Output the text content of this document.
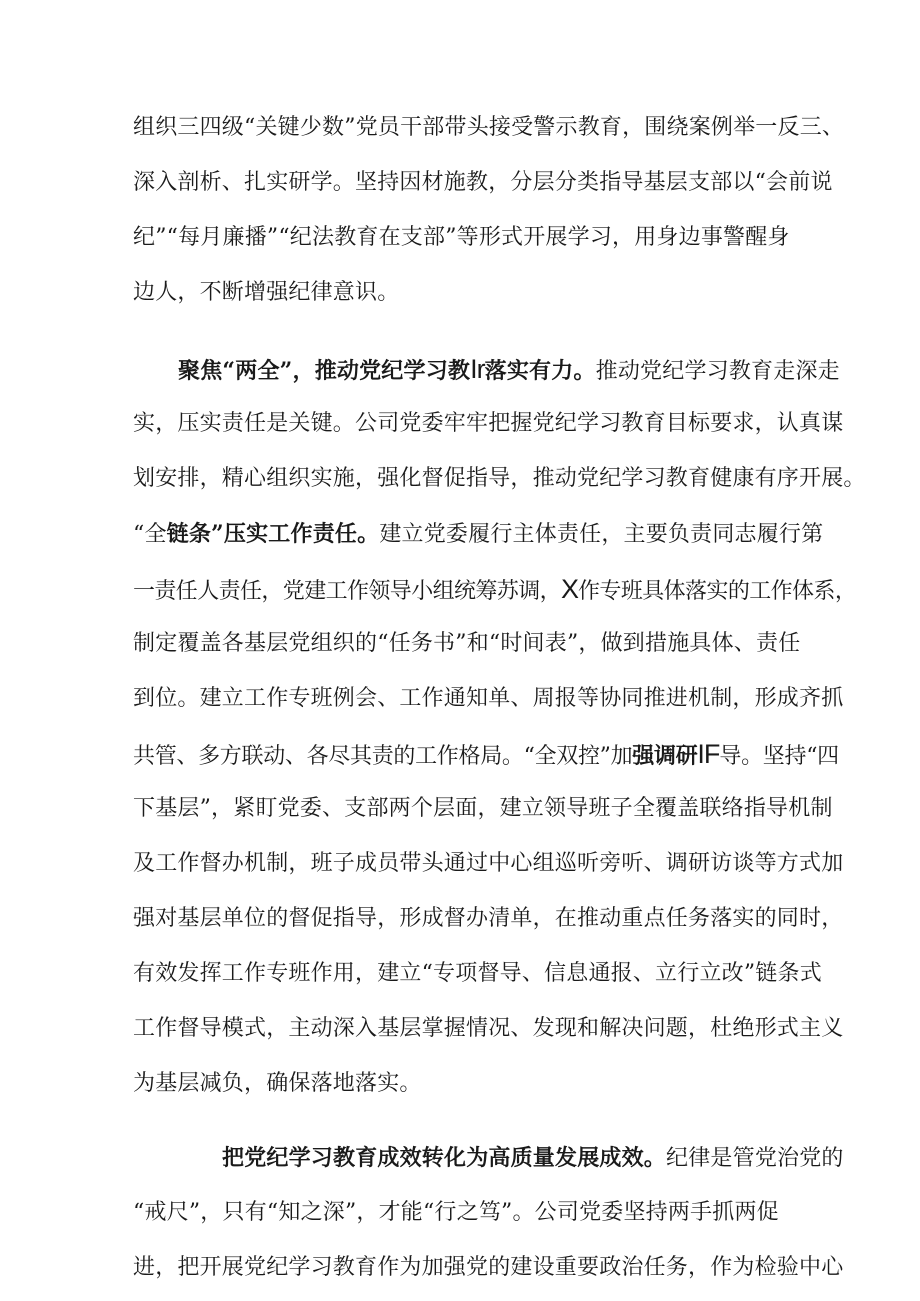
组织三四级“关键少数”党员干部带头接受警示教育，围绕案例举一反三、
深入剖析、扎实研学。坚持因材施教，分层分类指导基层支部以“会前说
纪”“每月廉播”“纪法教育在支部”等形式开展学习，用身边事警醒身
边人，不断增强纪律意识。
聚焦“两全”，推动党纪学习教Ir落实有力。推动党纪学习教育走深走
实，压实责任是关键。公司党委牢牢把握党纪学习教育目标要求，认真谋
划安排，精心组织实施，强化督促指导，推动党纪学习教育健康有序开展。
“全链条”压实工作责任。建立党委履行主体责任，主要负责同志履行第
一责任人责任，党建工作领导小组统筹苏调，X作专班具体落实的工作体系，
制定覆盖各基层党组织的“任务书”和“时间表”，做到措施具体、责任
到位。建立工作专班例会、工作通知单、周报等协同推进机制，形成齐抓
共管、多方联动、各尽其责的工作格局。“全双控”加强调研IF导。坚持“四
下基层”，紧盯党委、支部两个层面，建立领导班子全覆盖联络指导机制
及工作督办机制，班子成员带头通过中心组巡听旁听、调研访谈等方式加
强对基层单位的督促指导，形成督办清单，在推动重点任务落实的同时，
有效发挥工作专班作用，建立“专项督导、信息通报、立行立改”链条式
工作督导模式，主动深入基层掌握情况、发现和解决问题，杜绝形式主义
为基层减负，确保落地落实。
把党纪学习教育成效转化为高质量发展成效。纪律是管党治党的
“戒尺”，只有“知之深”，才能“行之笃”。公司党委坚持两手抓两促
进，把开展党纪学习教育作为加强党的建设重要政治任务，作为检验中心
